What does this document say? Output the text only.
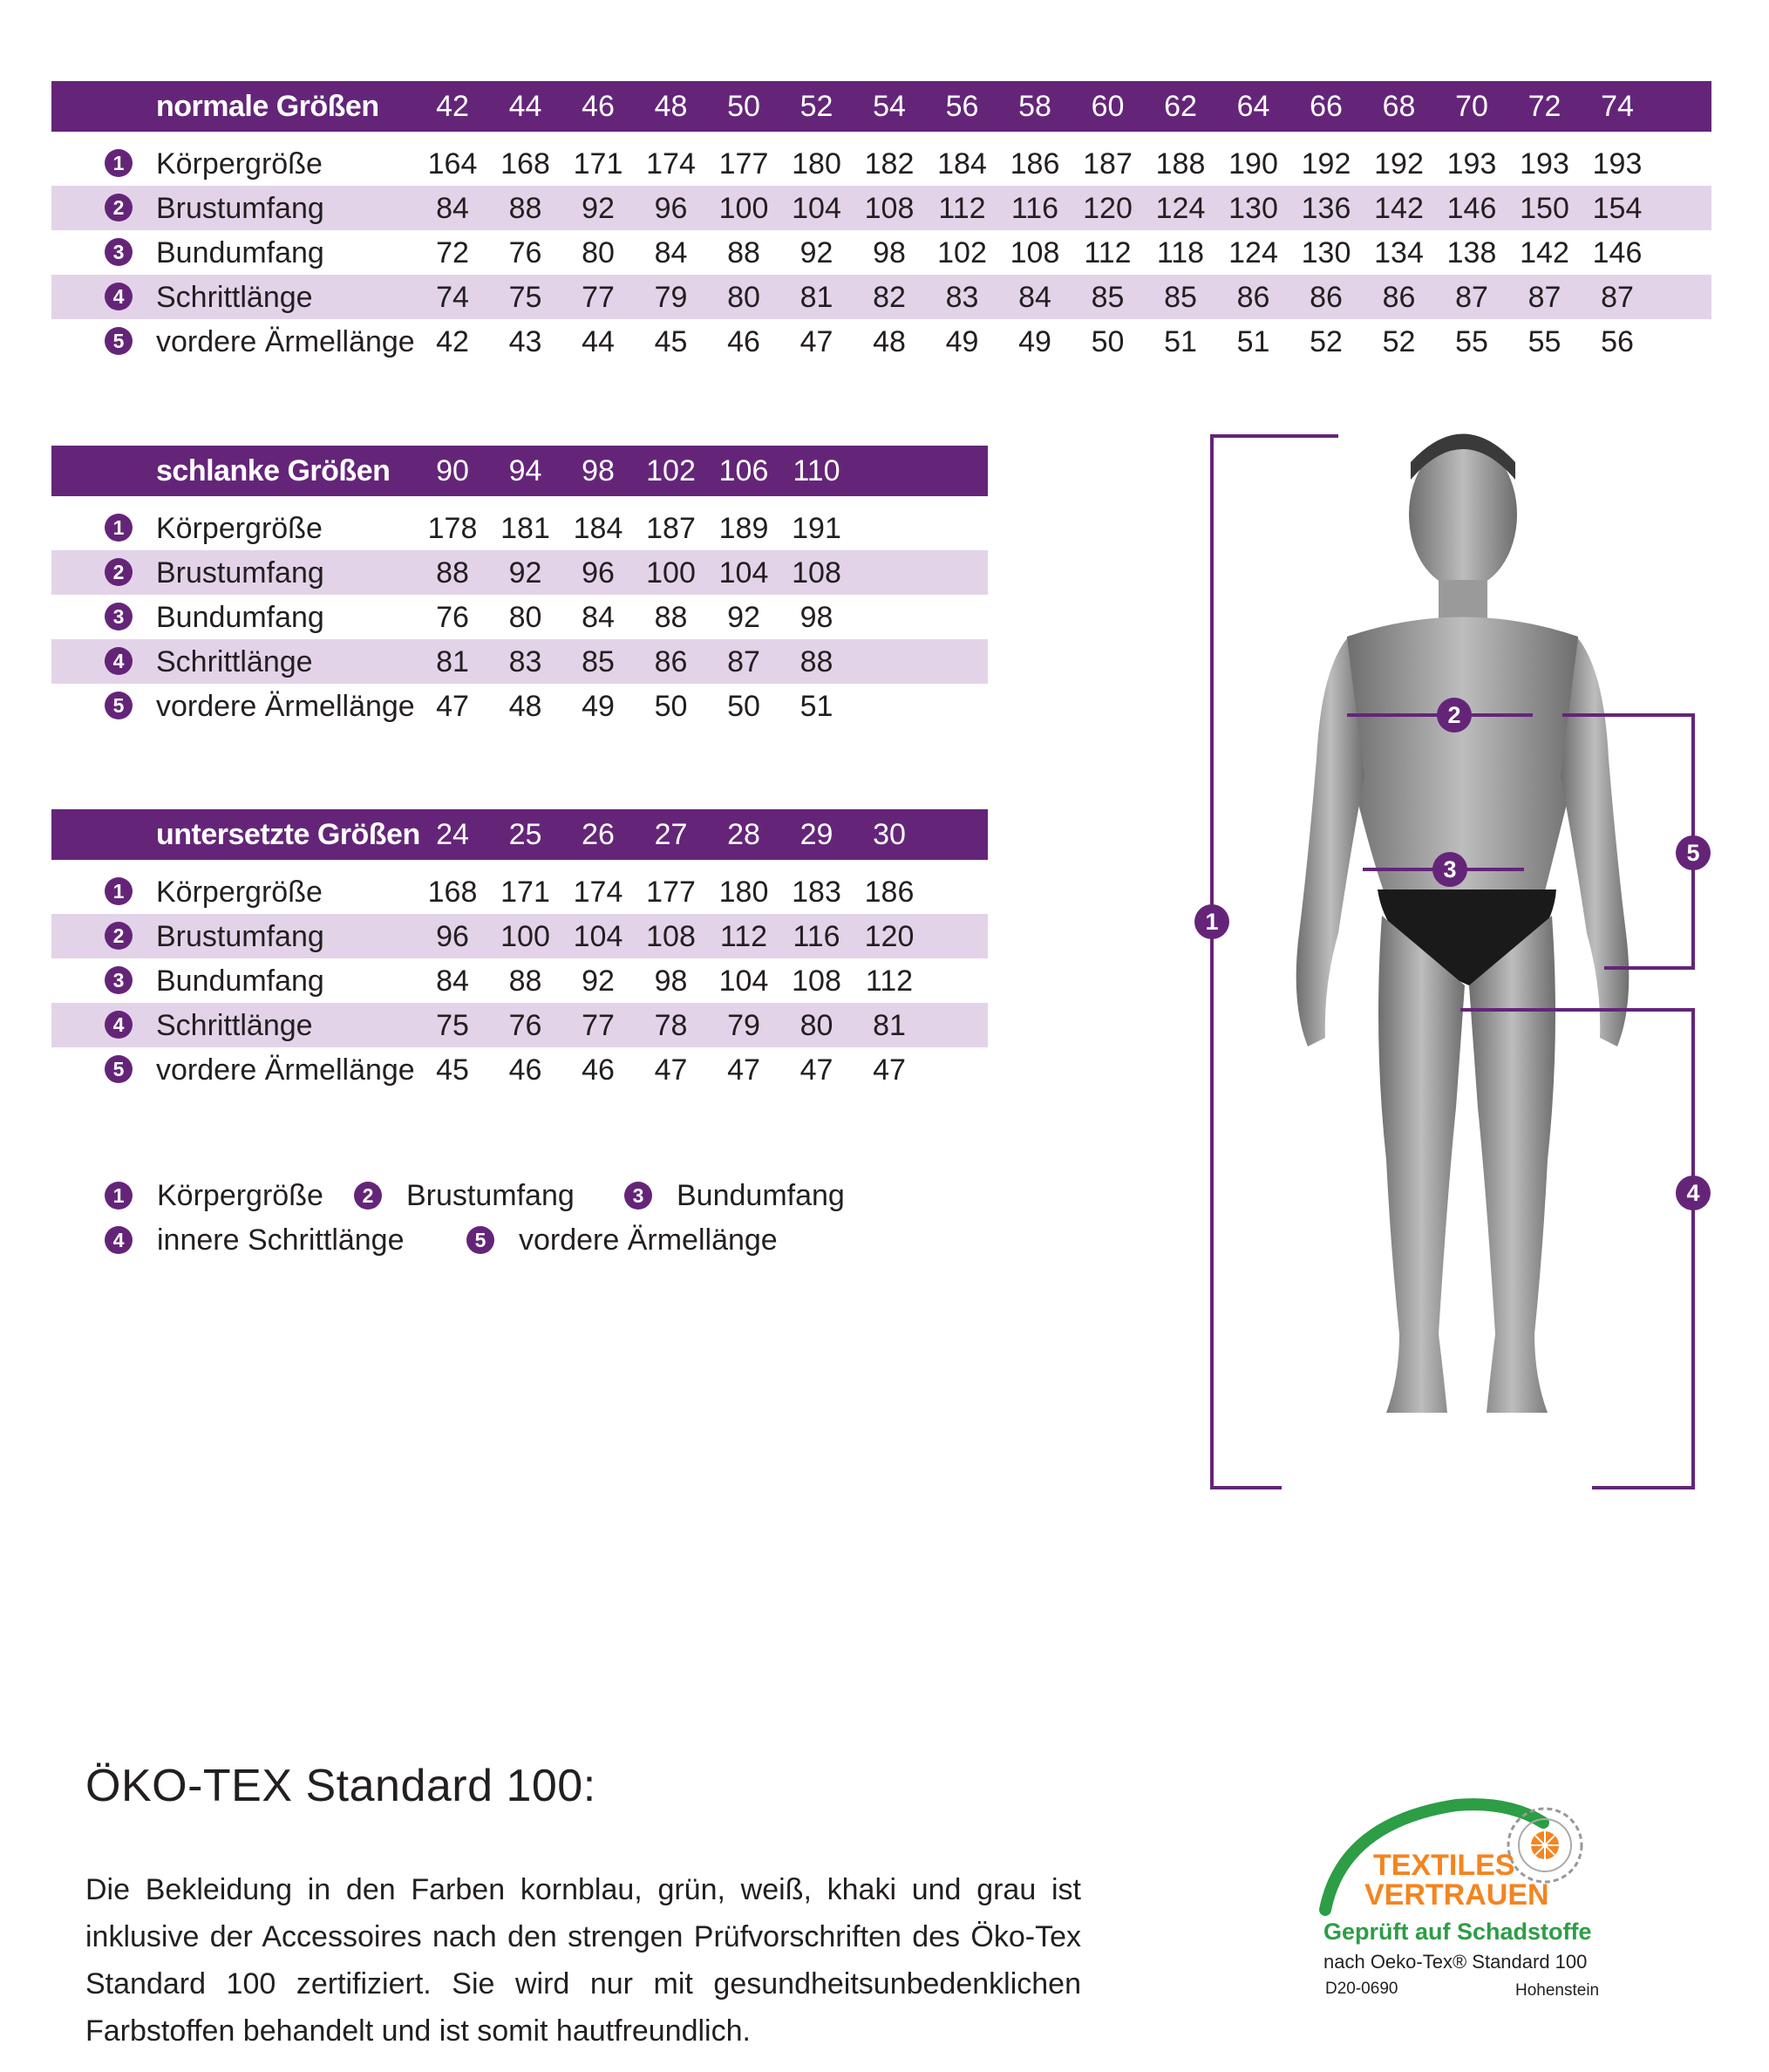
normale Größen	42	44	46	48	50	52	54	56	58	60	62	64	66	68	70	72	74
1 Körpergröße	164 168 171 174 177 180 182 184 186 187 188 190 192 192 193 193 193
2 Brustumfang	84	88	92	96	100 104 108 112 116 120 124 130 136 142 146 150 154
3 Bundumfang	72	76	80	84	88	92	98	102 108 112 118 124 130 134 138 142 146
4 Schrittlänge	74	75	77	79	80	81	82	83	84	85	85	86	86	86	87	87	87
5 vordere Ärmellänge 42	43	44	45	46	47	48	49	49	50	51	51	52	52	55	55	56
schlanke Größen	90	94	98	102 106 110
1 Körpergröße	178 181 184 187 189 191
2 Brustumfang	88	92	96	100 104 108
3 Bundumfang	76	80	84	88	92	98
4 Schrittlänge	81	83	85	86	87	88
5 vordere Ärmellänge 47	48	49	50	50	51
untersetzte Größen 24	25	26	27	28	29	30
1 Körpergröße	168 171 174 177 180 183 186
2 Brustumfang	96	100 104 108 112 116 120
3 Bundumfang	84	88	92	98	104 108 112
4 Schrittlänge	75	76	77	78	79	80	81
5 vordere Ärmellänge 45	46	46	47	47	47	47
1 Körpergröße	2 Brustumfang	3 Bundumfang
4 innere Schrittlänge	5 vordere Ärmellänge
1
2
3
4
5
ÖKO-TEX Standard 100:
Die Bekleidung in den Farben kornblau, grün, weiß, khaki und grau ist inklusive der Accessoires nach den strengen Prüfvorschriften des Öko-Tex Standard 100 zertifiziert. Sie wird nur mit gesundheitsunbedenklichen Farbstoffen behandelt und ist somit hautfreundlich.
TEXTILES
VERTRAUEN
Geprüft auf Schadstoffe
nach Oeko-Tex® Standard 100
D20-0690	Hohenstein
